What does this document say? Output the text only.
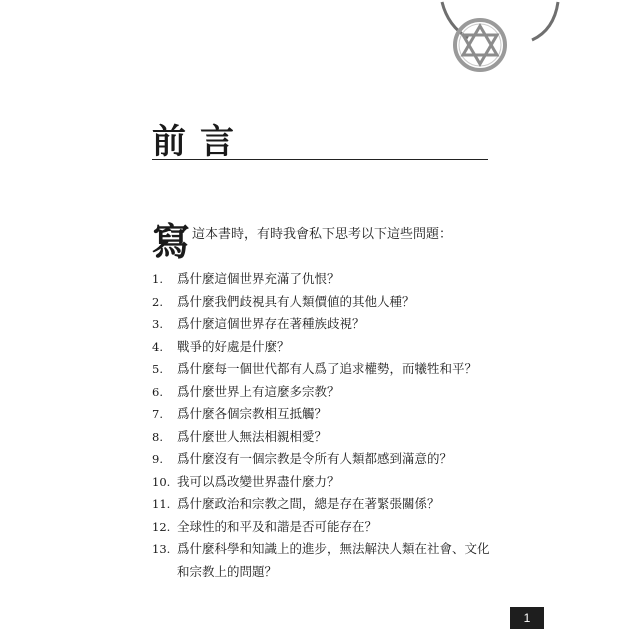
前言
寫 這本書時，有時我會私下思考以下這些問題：
1.	爲什麼這個世界充滿了仇恨？
2.	爲什麼我們歧視具有人類價値的其他人種？
3.	爲什麼這個世界存在著種族歧視？
4.	戰爭的好處是什麼？
5.	爲什麼每一個世代都有人爲了追求權勢，而犧牲和平？
6.	爲什麼世界上有這麼多宗教？
7.	爲什麼各個宗教相互抵觸？
8.	爲什麼世人無法相親相愛？
9.	爲什麼沒有一個宗教是令所有人類都感到滿意的？
10. 我可以爲改變世界盡什麼力？
11. 爲什麼政治和宗教之間，總是存在著緊張關係？
12. 全球性的和平及和諧是否可能存在？
13. 爲什麼科學和知識上的進步，無法解決人類在社會、文化
和宗教上的問題？
1
